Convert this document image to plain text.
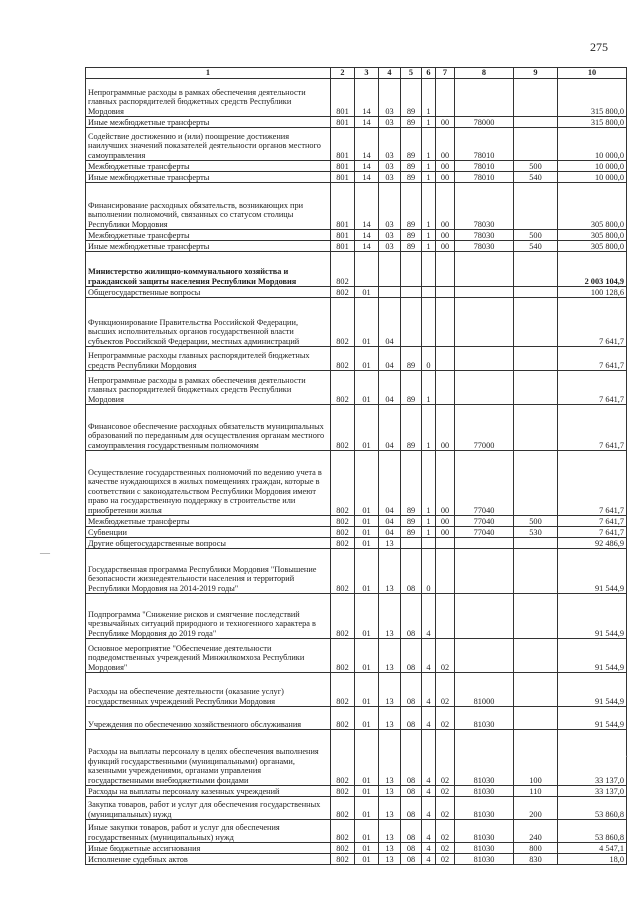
275
1	2	3	4	5	6	7	8	9	10
Непрограммные расходы в рамках обеспечения деятельности главных распорядителей бюджетных средств Республики Мордовия	801	14	03	89	1				315 800,0
Иные межбюджетные трансферты	801	14	03	89	1	00	78000		315 800,0
Содействие достижению и (или) поощрение достижения наилучших значений показателей деятельности органов местного самоуправления	801	14	03	89	1	00	78010		10 000,0
Межбюджетные трансферты	801	14	03	89	1	00	78010	500	10 000,0
Иные межбюджетные трансферты	801	14	03	89	1	00	78010	540	10 000,0
Финансирование расходных обязательств, возникающих при выполнении полномочий, связанных со статусом столицы Республики Мордовия	801	14	03	89	1	00	78030		305 800,0
Межбюджетные трансферты	801	14	03	89	1	00	78030	500	305 800,0
Иные межбюджетные трансферты	801	14	03	89	1	00	78030	540	305 800,0
Министерство жилищно-коммунального хозяйства и гражданской защиты населения Республики Мордовия	802								2 003 104,9
Общегосударственные вопросы	802	01							100 128,6
Функционирование Правительства Российской Федерации, высших исполнительных органов государственной власти субъектов Российской Федерации, местных администраций	802	01	04						7 641,7
Непрограммные расходы главных распорядителей бюджетных средств Республики Мордовия	802	01	04	89	0				7 641,7
Непрограммные расходы в рамках обеспечения деятельности главных распорядителей бюджетных средств Республики Мордовия	802	01	04	89	1				7 641,7
Финансовое обеспечение расходных обязательств муниципальных образований по переданным для осуществления органам местного самоуправления государственным полномочиям	802	01	04	89	1	00	77000		7 641,7
Осуществление государственных полномочий по ведению учета в качестве нуждающихся в жилых помещениях граждан, которые в соответствии с законодательством Республики Мордовия имеют право на государственную поддержку в строительстве или приобретении жилья	802	01	04	89	1	00	77040		7 641,7
Межбюджетные трансферты	802	01	04	89	1	00	77040	500	7 641,7
Субвенции	802	01	04	89	1	00	77040	530	7 641,7
Другие общегосударственные вопросы	802	01	13						92 486,9
Государственная программа Республики Мордовия "Повышение безопасности жизнедеятельности населения и территорий Республики Мордовия на 2014-2019 годы"	802	01	13	08	0				91 544,9
Подпрограмма "Снижение рисков и смягчение последствий чрезвычайных ситуаций природного и техногенного характера в Республике Мордовия до 2019 года"	802	01	13	08	4				91 544,9
Основное мероприятие "Обеспечение деятельности подведомственных учреждений Минжилкомхоза Республики Мордовия"	802	01	13	08	4	02			91 544,9
Расходы на обеспечение деятельности (оказание услуг) государственных учреждений Республики Мордовия	802	01	13	08	4	02	81000		91 544,9
Учреждения по обеспечению хозяйственного обслуживания	802	01	13	08	4	02	81030		91 544,9
Расходы на выплаты персоналу в целях обеспечения выполнения функций государственными (муниципальными) органами, казенными учреждениями, органами управления государственными внебюджетными фондами	802	01	13	08	4	02	81030	100	33 137,0
Расходы на выплаты персоналу казенных учреждений	802	01	13	08	4	02	81030	110	33 137,0
Закупка товаров, работ и услуг для обеспечения государственных (муниципальных) нужд	802	01	13	08	4	02	81030	200	53 860,8
Иные закупки товаров, работ и услуг для обеспечения государственных (муниципальных) нужд	802	01	13	08	4	02	81030	240	53 860,8
Иные бюджетные ассигнования	802	01	13	08	4	02	81030	800	4 547,1
Исполнение судебных актов	802	01	13	08	4	02	81030	830	18,0
—
·
